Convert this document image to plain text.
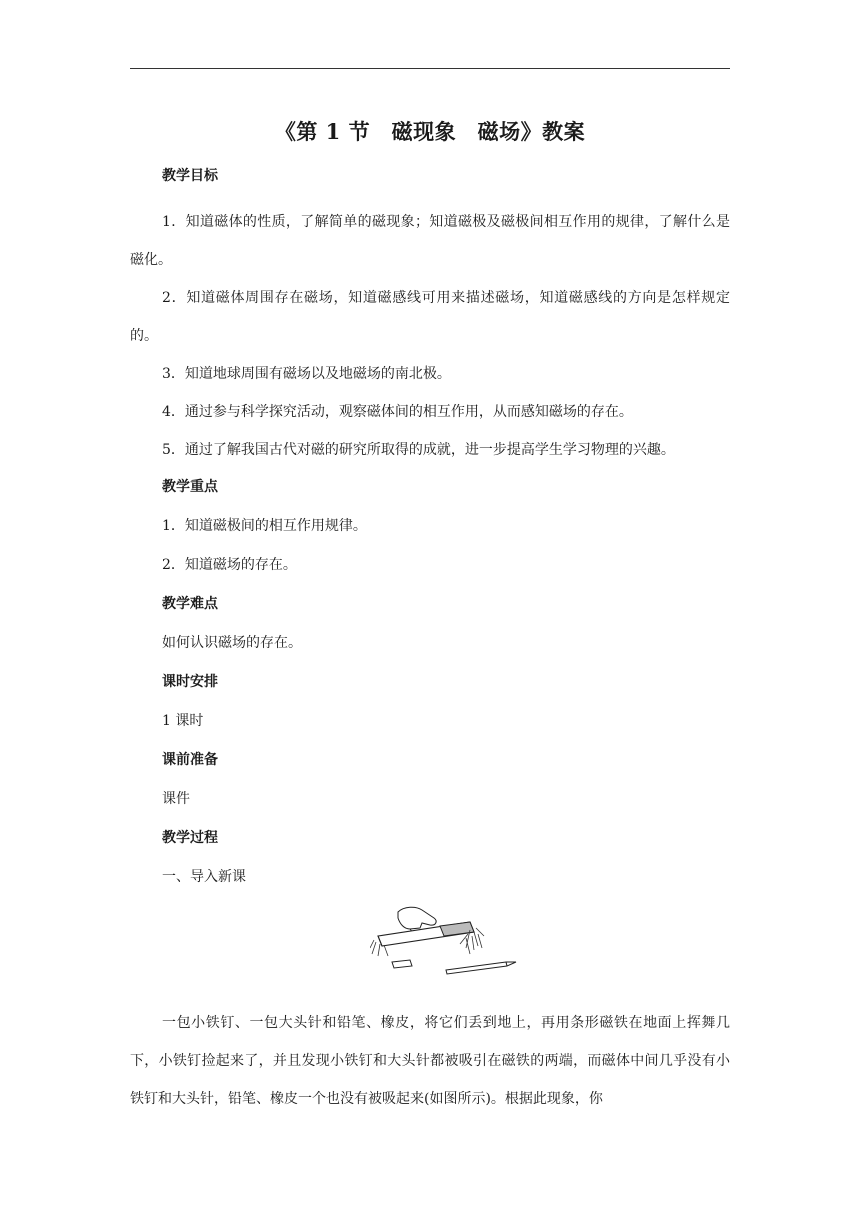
《第 1 节　磁现象　磁场》教案
教学目标
1．知道磁体的性质，了解简单的磁现象；知道磁极及磁极间相互作用的规律，了解什么是磁化。
2．知道磁体周围存在磁场，知道磁感线可用来描述磁场，知道磁感线的方向是怎样规定的。
3．知道地球周围有磁场以及地磁场的南北极。
4．通过参与科学探究活动，观察磁体间的相互作用，从而感知磁场的存在。
5．通过了解我国古代对磁的研究所取得的成就，进一步提高学生学习物理的兴趣。
教学重点
1．知道磁极间的相互作用规律。
2．知道磁场的存在。
教学难点
如何认识磁场的存在。
课时安排
1 课时
课前准备
课件
教学过程
一、导入新课
一包小铁钉、一包大头针和铅笔、橡皮，将它们丢到地上，再用条形磁铁在地面上挥舞几下，小铁钉捡起来了，并且发现小铁钉和大头针都被吸引在磁铁的两端，而磁体中间几乎没有小铁钉和大头针，铅笔、橡皮一个也没有被吸起来(如图所示)。根据此现象，你
